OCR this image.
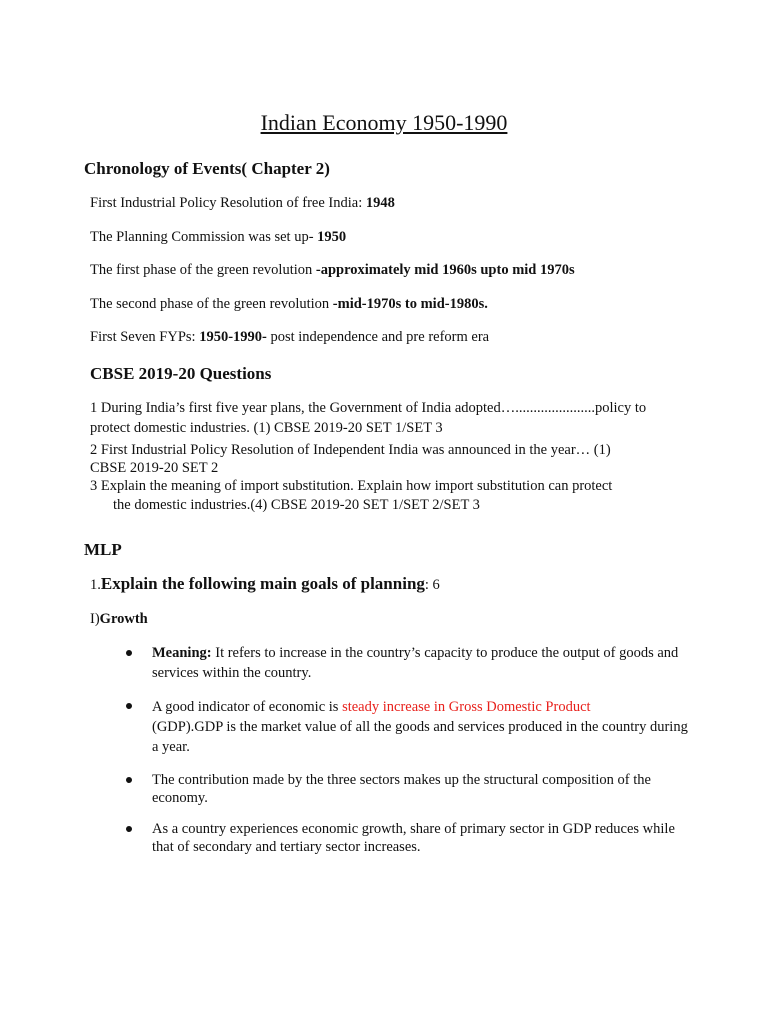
Indian Economy 1950-1990
Chronology of Events( Chapter 2)
First Industrial Policy Resolution of free India: 1948
The Planning Commission was set up- 1950
The first phase of the green revolution -approximately mid 1960s upto mid 1970s
The second phase of the green revolution -mid-1970s to mid-1980s.
First Seven FYPs: 1950-1990- post independence and pre reform era
CBSE 2019-20 Questions
1 During India’s first five year plans, the Government of India adopted…......................policy to
protect domestic industries. (1) CBSE 2019-20 SET 1/SET 3
2 First Industrial Policy Resolution of Independent India was announced in the year… (1)
CBSE 2019-20 SET 2
3 Explain the meaning of import substitution. Explain how import substitution can protect
the domestic industries.(4) CBSE 2019-20 SET 1/SET 2/SET 3
MLP
1.Explain the following main goals of planning: 6
I)Growth
Meaning: It refers to increase in the country’s capacity to produce the output of goods and services within the country.
A good indicator of economic is steady increase in Gross Domestic Product
(GDP).GDP is the market value of all the goods and services produced in the country during a year.
The contribution made by the three sectors makes up the structural composition of the economy.
As a country experiences economic growth, share of primary sector in GDP reduces while that of secondary and tertiary sector increases.
